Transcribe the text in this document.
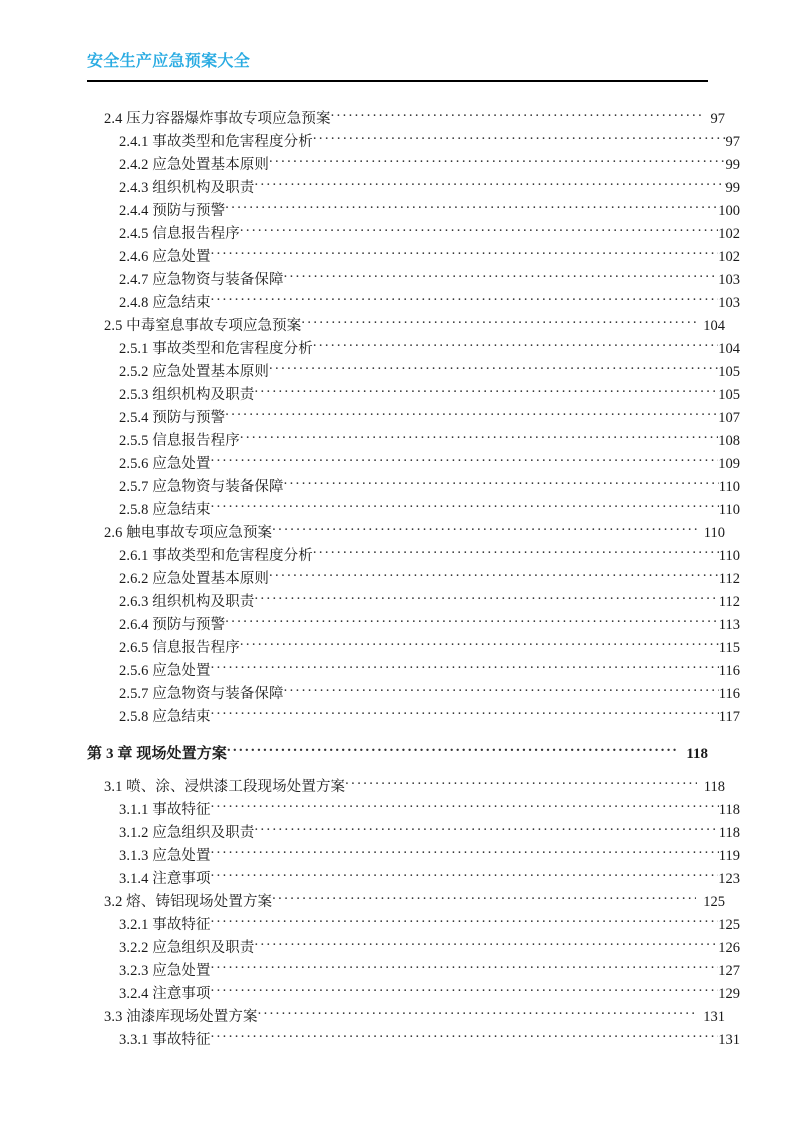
安全生产应急预案大全
2.4 压力容器爆炸事故专项应急预案 .....	97
2.4.1 事故类型和危害程度分析 .....	97
2.4.2 应急处置基本原则 .....	99
2.4.3 组织机构及职责 .....	99
2.4.4 预防与预警 .....	100
2.4.5 信息报告程序 .....	102
2.4.6 应急处置 .....	102
2.4.7 应急物资与装备保障 .....	103
2.4.8 应急结束 .....	103
2.5 中毒窒息事故专项应急预案 .....	104
2.5.1 事故类型和危害程度分析 .....	104
2.5.2 应急处置基本原则 .....	105
2.5.3 组织机构及职责 .....	105
2.5.4 预防与预警 .....	107
2.5.5 信息报告程序 .....	108
2.5.6 应急处置 .....	109
2.5.7 应急物资与装备保障 .....	110
2.5.8 应急结束 .....	110
2.6 触电事故专项应急预案 .....	110
2.6.1 事故类型和危害程度分析 .....	110
2.6.2 应急处置基本原则 .....	112
2.6.3 组织机构及职责 .....	112
2.6.4 预防与预警 .....	113
2.6.5 信息报告程序 .....	115
2.5.6 应急处置 .....	116
2.5.7 应急物资与装备保障 .....	116
2.5.8 应急结束 .....	117
第 3 章 现场处置方案 .....	118
3.1 喷、涂、浸烘漆工段现场处置方案 .....	118
3.1.1 事故特征 .....	118
3.1.2 应急组织及职责 .....	118
3.1.3 应急处置 .....	119
3.1.4 注意事项 .....	123
3.2 熔、铸铝现场处置方案 .....	125
3.2.1 事故特征 .....	125
3.2.2 应急组织及职责 .....	126
3.2.3 应急处置 .....	127
3.2.4 注意事项 .....	129
3.3 油漆库现场处置方案 .....	131
3.3.1 事故特征 .....	131
